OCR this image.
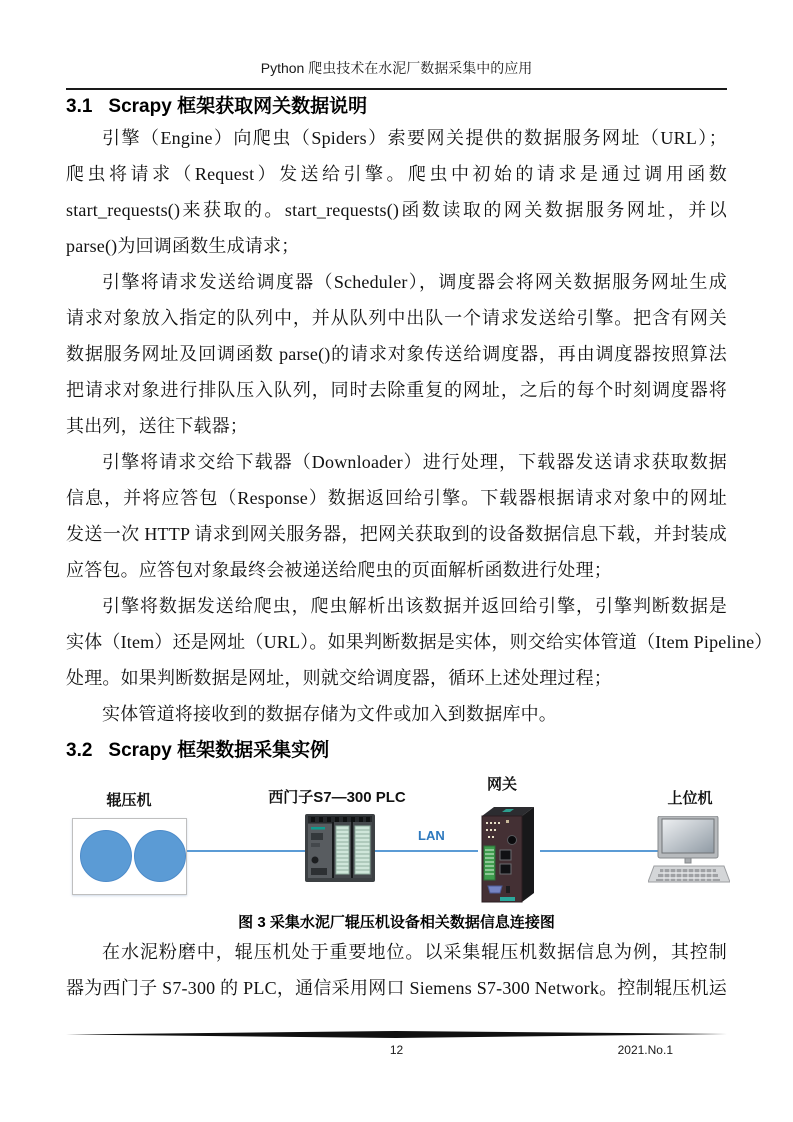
Python 爬虫技术在水泥厂数据采集中的应用
3.1 Scrapy 框架获取网关数据说明
引擎（Engine）向爬虫（Spiders）索要网关提供的数据服务网址（URL）；
爬虫将请求（Request）发送给引擎。爬虫中初始的请求是通过调用函数
start_requests()来获取的。start_requests()函数读取的网关数据服务网址，并以
parse()为回调函数生成请求；
引擎将请求发送给调度器（Scheduler），调度器会将网关数据服务网址生成
请求对象放入指定的队列中，并从队列中出队一个请求发送给引擎。把含有网关
数据服务网址及回调函数 parse()的请求对象传送给调度器，再由调度器按照算法
把请求对象进行排队压入队列，同时去除重复的网址，之后的每个时刻调度器将
其出列，送往下载器；
引擎将请求交给下载器（Downloader）进行处理，下载器发送请求获取数据
信息，并将应答包（Response）数据返回给引擎。下载器根据请求对象中的网址
发送一次 HTTP 请求到网关服务器，把网关获取到的设备数据信息下载，并封装成
应答包。应答包对象最终会被递送给爬虫的页面解析函数进行处理；
引擎将数据发送给爬虫，爬虫解析出该数据并返回给引擎，引擎判断数据是
实体（Item）还是网址（URL）。如果判断数据是实体，则交给实体管道（Item Pipeline）
处理。如果判断数据是网址，则就交给调度器，循环上述处理过程；
实体管道将接收到的数据存储为文件或加入到数据库中。
3.2 Scrapy 框架数据采集实例
辊压机	西门子S7—300 PLC
网关
上位机
LAN
图 3 采集水泥厂辊压机设备相关数据信息连接图
在水泥粉磨中，辊压机处于重要地位。以采集辊压机数据信息为例，其控制
器为西门子 S7-300 的 PLC，通信采用网口 Siemens S7-300 Network。控制辊压机运
12	2021.No.1
